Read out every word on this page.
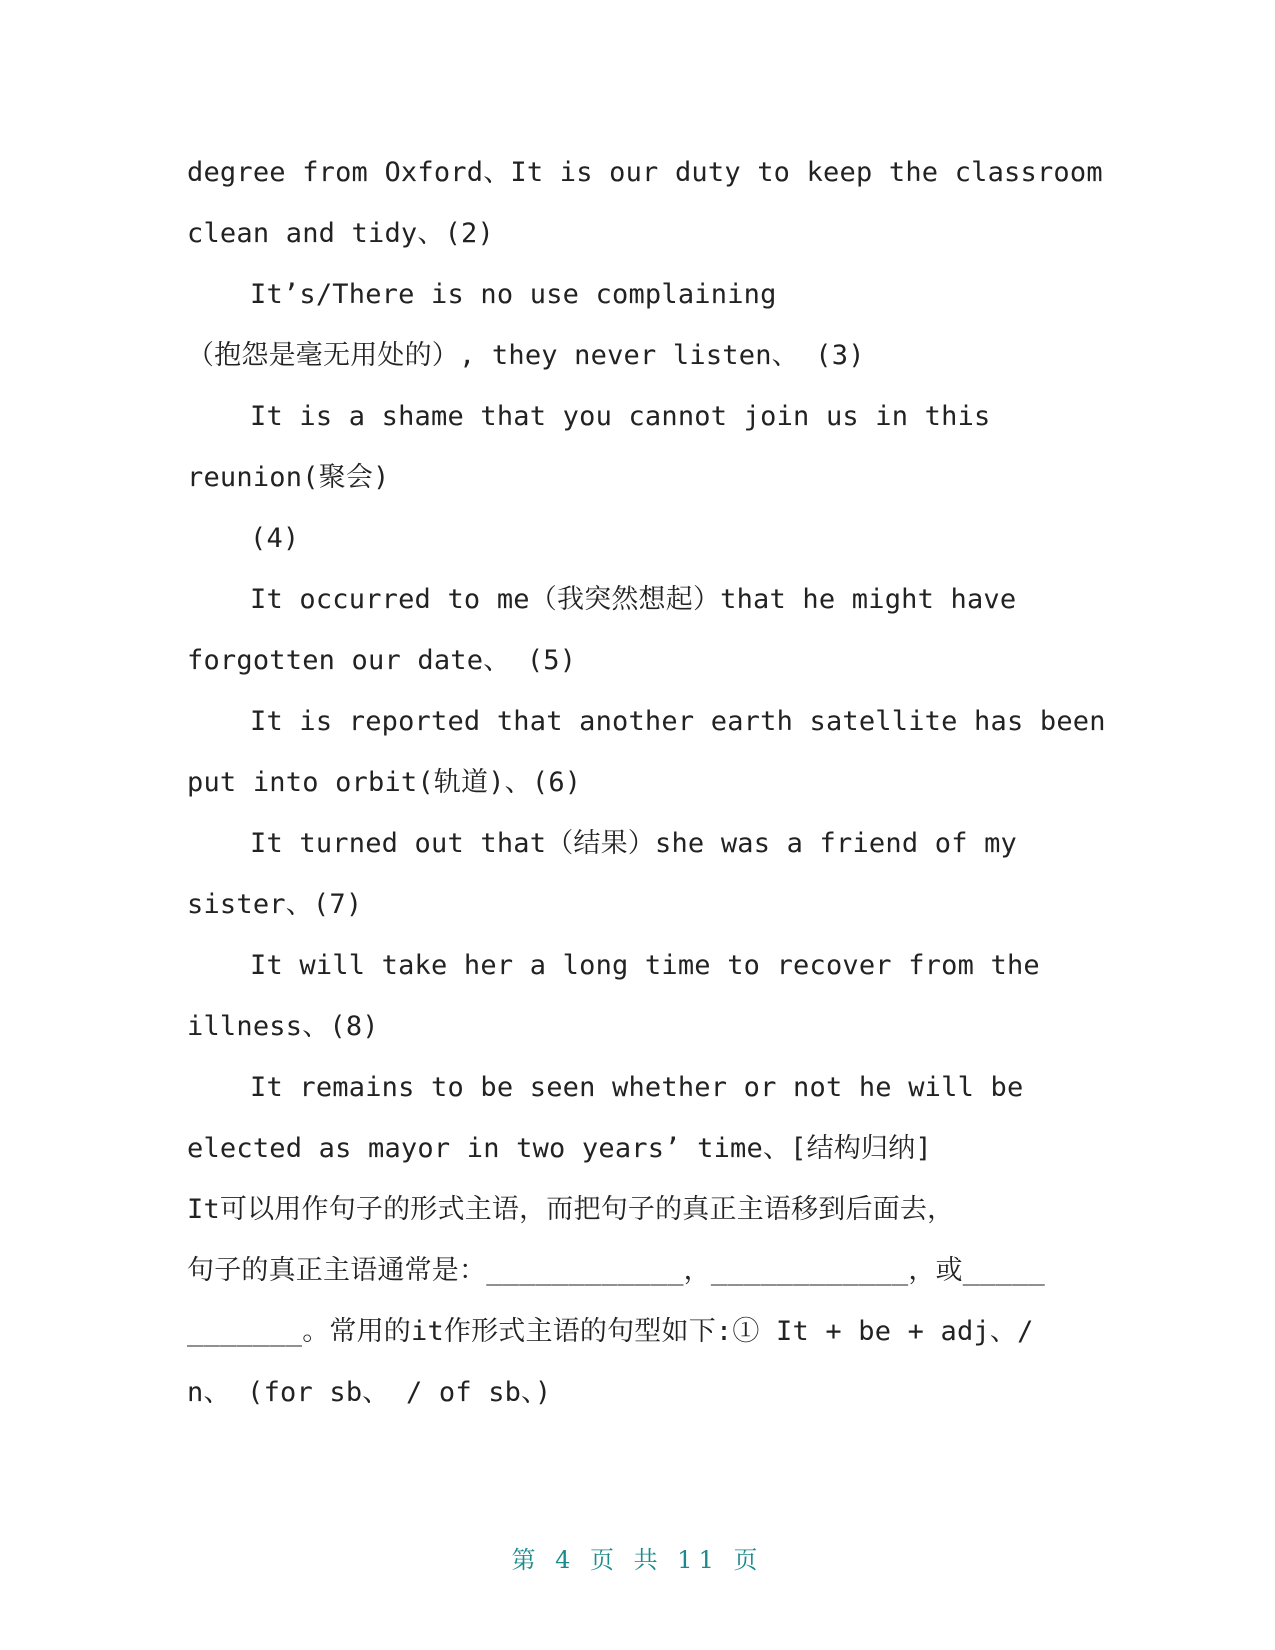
degree from Oxford、It is our duty to keep the classroom
clean and tidy、(2)
It’s/There is no use complaining
（抱怨是毫无用处的）, they never listen、 (3)
It is a shame that you cannot join us in this
reunion(聚会)
(4)
It occurred to me（我突然想起）that he might have
forgotten our date、 (5)
It is reported that another earth satellite has been
put into orbit(轨道)、(6)
It turned out that（结果）she was a friend of my
sister、(7)
It will take her a long time to recover from the
illness、(8)
It remains to be seen whether or not he will be
elected as mayor in two years’ time、[结构归纳]
It可以用作句子的形式主语，而把句子的真正主语移到后面去，
句子的真正主语通常是：____________，____________，或_____
_______。常用的it作形式主语的句型如下:① It + be + adj、/
n、 (for sb、 / of sb、)
第 4 页 共 11 页
